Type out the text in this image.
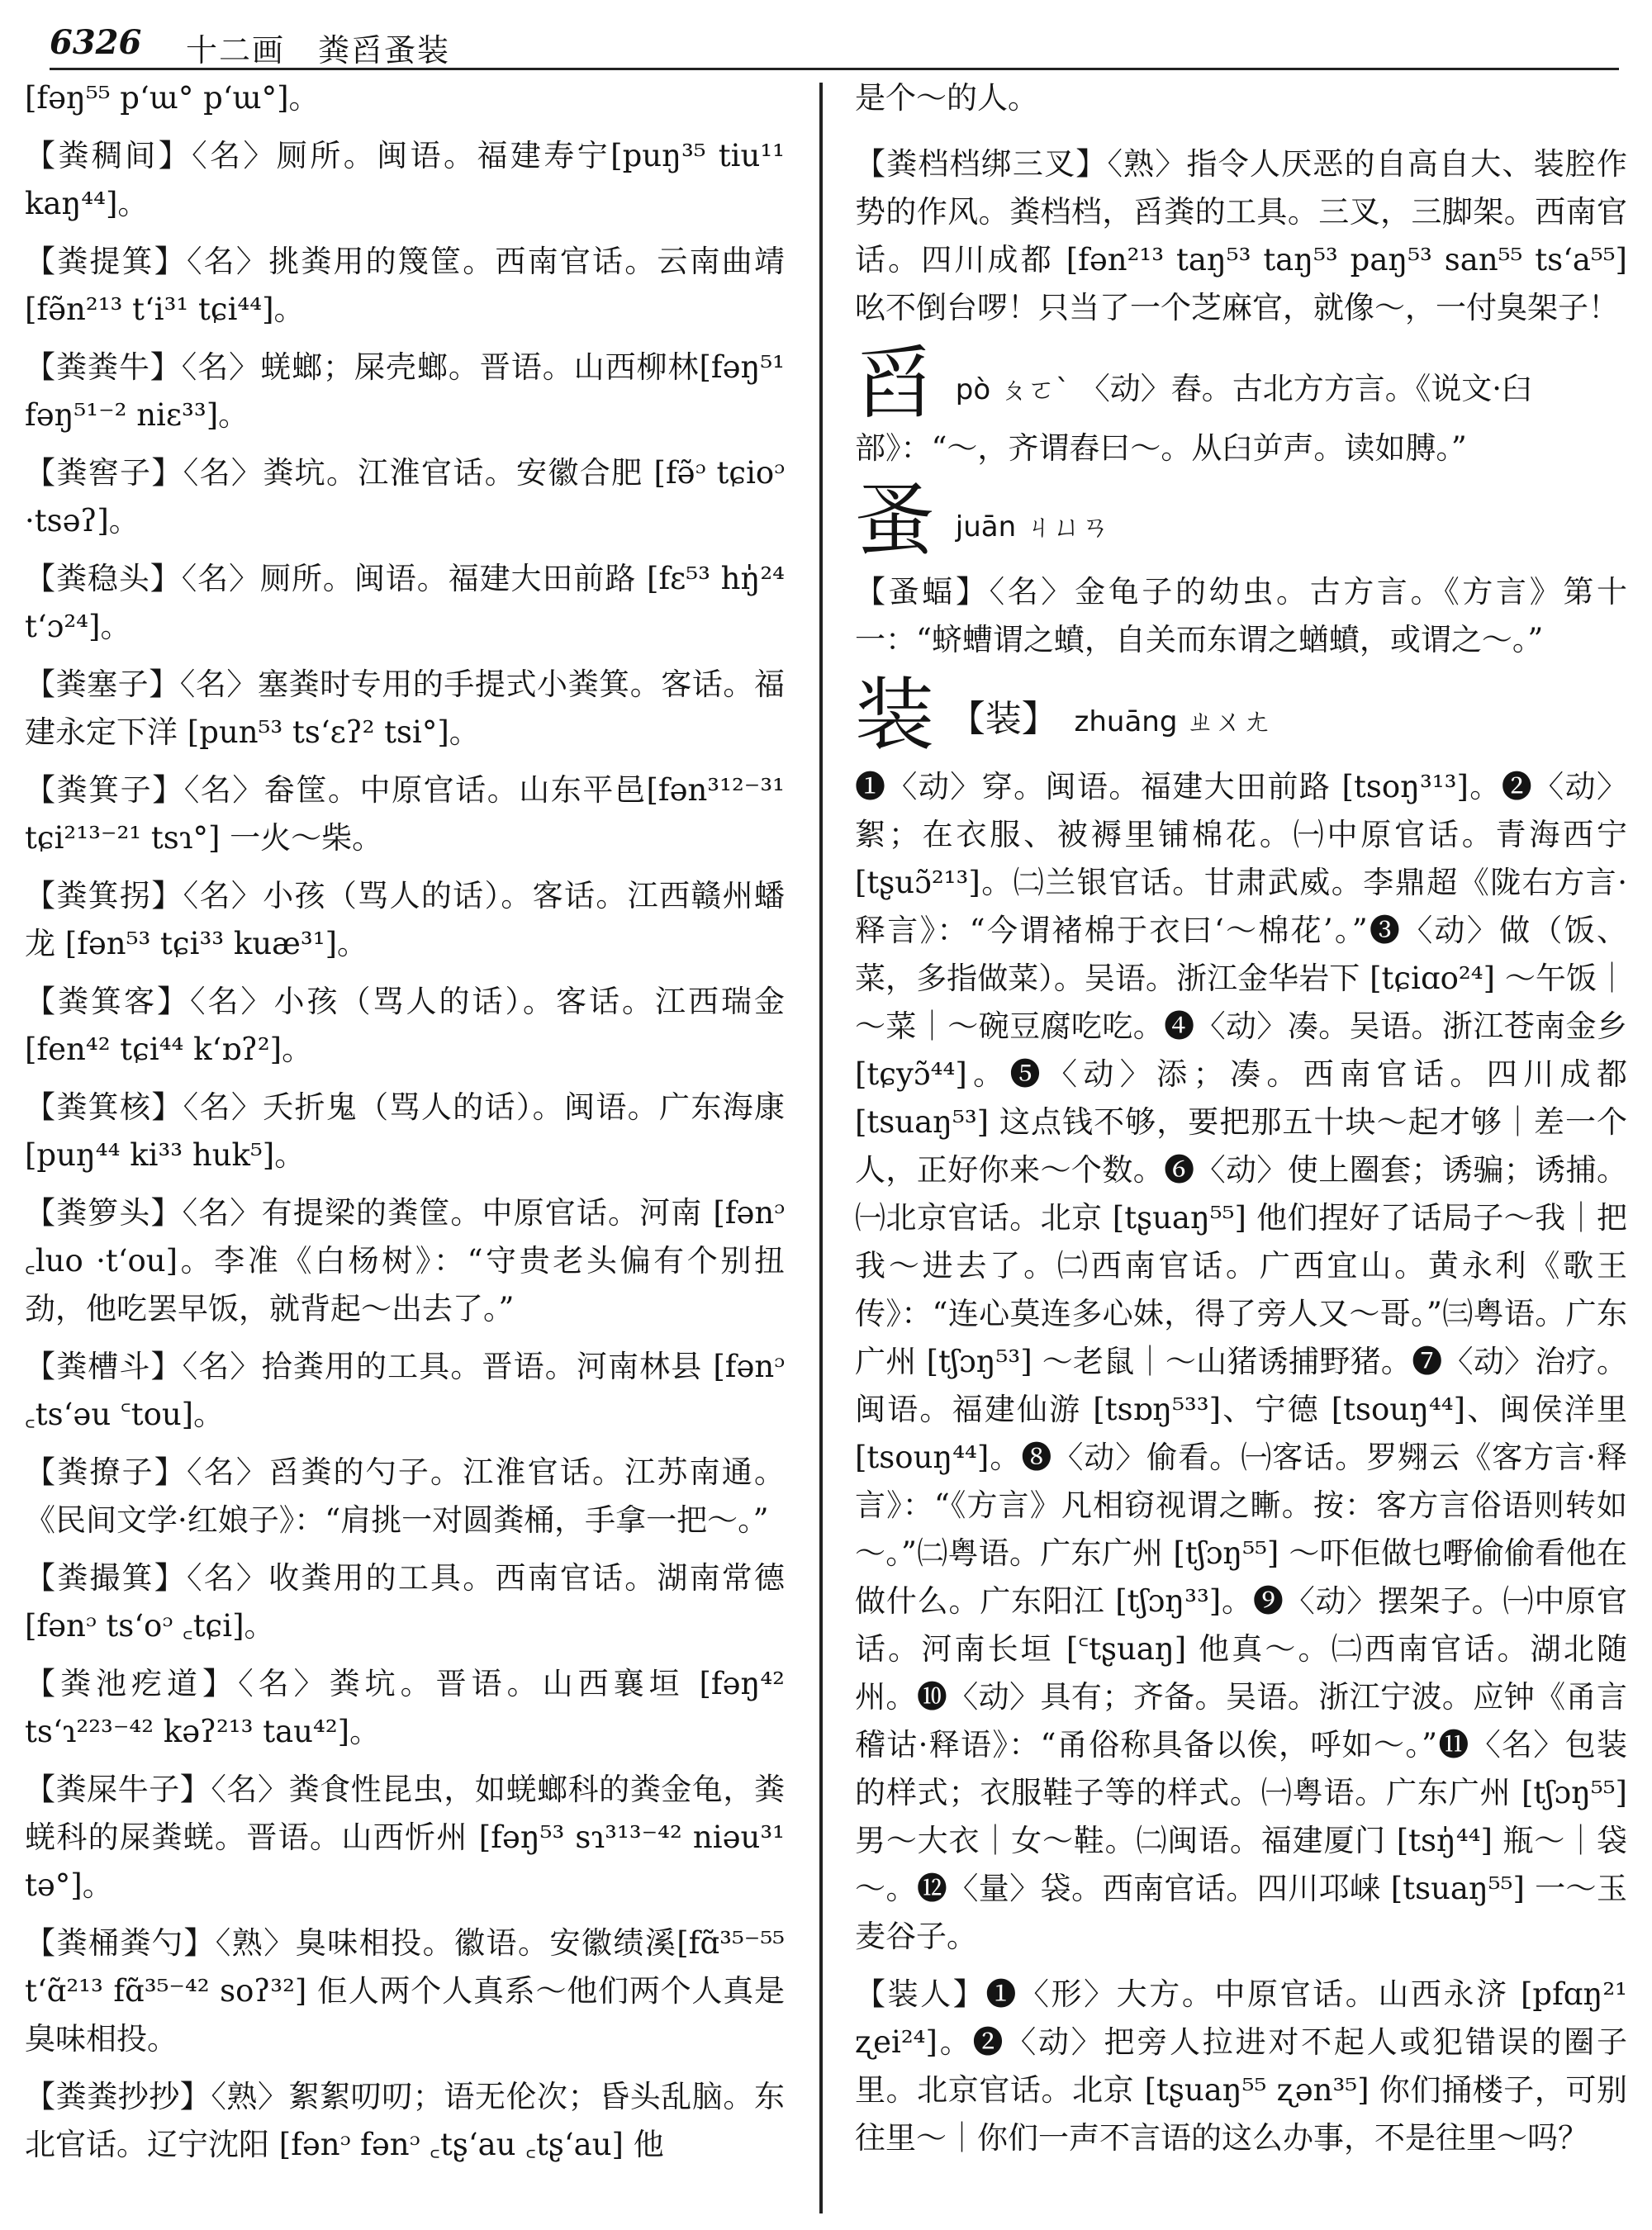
6326 十二画　粪舀蚤装
[fəŋ⁵⁵ pʻɯ° pʻɯ°]。
【粪稠间】〈名〉厕所。闽语。福建寿宁[puŋ³⁵ tiu¹¹ kaŋ⁴⁴]。
【粪提箕】〈名〉挑粪用的篾筐。西南官话。云南曲靖 [fə̃n²¹³ tʻi³¹ tɕi⁴⁴]。
【粪粪牛】〈名〉蜣螂；屎壳螂。晋语。山西柳林[fəŋ⁵¹ fəŋ⁵¹⁻² niɛ³³]。
【粪窖子】〈名〉粪坑。江淮官话。安徽合肥 [fə̃ᵓ tɕioᵓ ·tsəʔ]。
【粪稳头】〈名〉厕所。闽语。福建大田前路 [fɛ⁵³ hŋ̍²⁴ tʻɔ²⁴]。
【粪塞子】〈名〉塞粪时专用的手提式小粪箕。客话。福建永定下洋 [pun⁵³ tsʻɛʔ² tsi°]。
【粪箕子】〈名〉畚筐。中原官话。山东平邑[fən³¹²⁻³¹ tɕi²¹³⁻²¹ tsɿ°] 一火～柴。
【粪箕拐】〈名〉小孩（骂人的话）。客话。江西赣州蟠龙 [fən⁵³ tɕi³³ kuæ³¹]。
【粪箕客】〈名〉小孩（骂人的话）。客话。江西瑞金[fen⁴² tɕi⁴⁴ kʻɒʔ²]。
【粪箕核】〈名〉夭折鬼（骂人的话）。闽语。广东海康[puŋ⁴⁴ ki³³ huk⁵]。
【粪箩头】〈名〉有提梁的粪筐。中原官话。河南 [fənᵓ ꜀luo ·tʻou]。李准《白杨树》：“守贵老头偏有个别扭劲，他吃罢早饭，就背起～出去了。”
【粪槽斗】〈名〉拾粪用的工具。晋语。河南林县 [fənᵓ ꜀tsʻəu ꜂tou]。
【粪撩子】〈名〉舀粪的勺子。江淮官话。江苏南通。《民间文学·红娘子》：“肩挑一对圆粪桶，手拿一把～。”
【粪撮箕】〈名〉收粪用的工具。西南官话。湖南常德 [fənᵓ tsʻoᵓ ꜀tɕi]。
【粪池疙道】〈名〉粪坑。晋语。山西襄垣 [fəŋ⁴² tsʻɿ²²³⁻⁴² kəʔ²¹³ tau⁴²]。
【粪屎牛子】〈名〉粪食性昆虫，如蜣螂科的粪金龟，粪蜣科的屎粪蜣。晋语。山西忻州 [fəŋ⁵³ sɿ³¹³⁻⁴² niəu³¹ tə°]。
【粪桶粪勺】〈熟〉臭味相投。徽语。安徽绩溪[fɑ̃³⁵⁻⁵⁵ tʻɑ̃²¹³ fɑ̃³⁵⁻⁴² soʔ³²] 佢人两个人真系～他们两个人真是臭味相投。
【粪粪抄抄】〈熟〉絮絮叨叨；语无伦次；昏头乱脑。东北官话。辽宁沈阳 [fənᵓ fənᵓ ꜀tʂʻau ꜀tʂʻau] 他
是个～的人。
【粪档档绑三叉】〈熟〉指令人厌恶的自高自大、装腔作势的作风。粪档档，舀粪的工具。三叉，三脚架。西南官话。四川成都 [fən²¹³ taŋ⁵³ taŋ⁵³ paŋ⁵³ san⁵⁵ tsʻa⁵⁵] 吆不倒台啰！只当了一个芝麻官，就像～，一付臭架子！
舀 pò ㄆㄛˋ 〈动〉舂。古北方方言。《说文·臼部》：“～，齐谓舂曰～。从臼屰声。读如膊。”
蚤 juān ㄐㄩㄢ
【蚤蝠】〈名〉金龟子的幼虫。古方言。《方言》第十一：“蛴螬谓之蟦，自关而东谓之蝤蟦，或谓之～。”
装 【装】 zhuāng ㄓㄨㄤ
❶〈动〉穿。闽语。福建大田前路 [tsoŋ³¹³]。❷〈动〉絮；在衣服、被褥里铺棉花。㈠中原官话。青海西宁 [tʂuɔ̃²¹³]。㈡兰银官话。甘肃武威。李鼎超《陇右方言·释言》：“今谓褚棉于衣曰‘～棉花’。”❸〈动〉做（饭、菜，多指做菜）。吴语。浙江金华岩下 [tɕiɑo²⁴] ～午饭｜～菜｜～碗豆腐吃吃。❹〈动〉凑。吴语。浙江苍南金乡 [tɕyɔ̃⁴⁴]。❺〈动〉添；凑。西南官话。四川成都 [tsuaŋ⁵³] 这点钱不够，要把那五十块～起才够｜差一个人，正好你来～个数。❻〈动〉使上圈套；诱骗；诱捕。㈠北京官话。北京 [tʂuaŋ⁵⁵] 他们捏好了话局子～我｜把我～进去了。㈡西南官话。广西宜山。黄永利《歌王传》：“连心莫连多心妹，得了旁人又～哥。”㈢粤语。广东广州 [tʃɔŋ⁵³] ～老鼠｜～山猪诱捕野猪。❼〈动〉治疗。闽语。福建仙游 [tsɒŋ⁵³³]、宁德 [tsouŋ⁴⁴]、闽侯洋里 [tsouŋ⁴⁴]。❽〈动〉偷看。㈠客话。罗翙云《客方言·释言》：“《方言》凡相窃视谓之䁪。按：客方言俗语则转如～。”㈡粤语。广东广州 [tʃɔŋ⁵⁵] ～吓佢做乜嘢偷偷看他在做什么。广东阳江 [tʃɔŋ³³]。❾〈动〉摆架子。㈠中原官话。河南长垣 [꜂tʂuaŋ] 他真～。㈡西南官话。湖北随州。❿〈动〉具有；齐备。吴语。浙江宁波。应钟《甬言稽诂·释语》：“甬俗称具备以俟，呼如～。”⓫〈名〉包装的样式；衣服鞋子等的样式。㈠粤语。广东广州 [tʃɔŋ⁵⁵] 男～大衣｜女～鞋。㈡闽语。福建厦门 [tsŋ̍⁴⁴] 瓶～｜袋～。⓬〈量〉袋。西南官话。四川邛崃 [tsuaŋ⁵⁵] 一～玉麦谷子。
【装人】❶〈形〉大方。中原官话。山西永济 [pfɑŋ²¹ ʐei²⁴]。❷〈动〉把旁人拉进对不起人或犯错误的圈子里。北京官话。北京 [tʂuaŋ⁵⁵ ʐən³⁵] 你们捅楼子，可别往里～｜你们一声不言语的这么办事，不是往里～吗？
